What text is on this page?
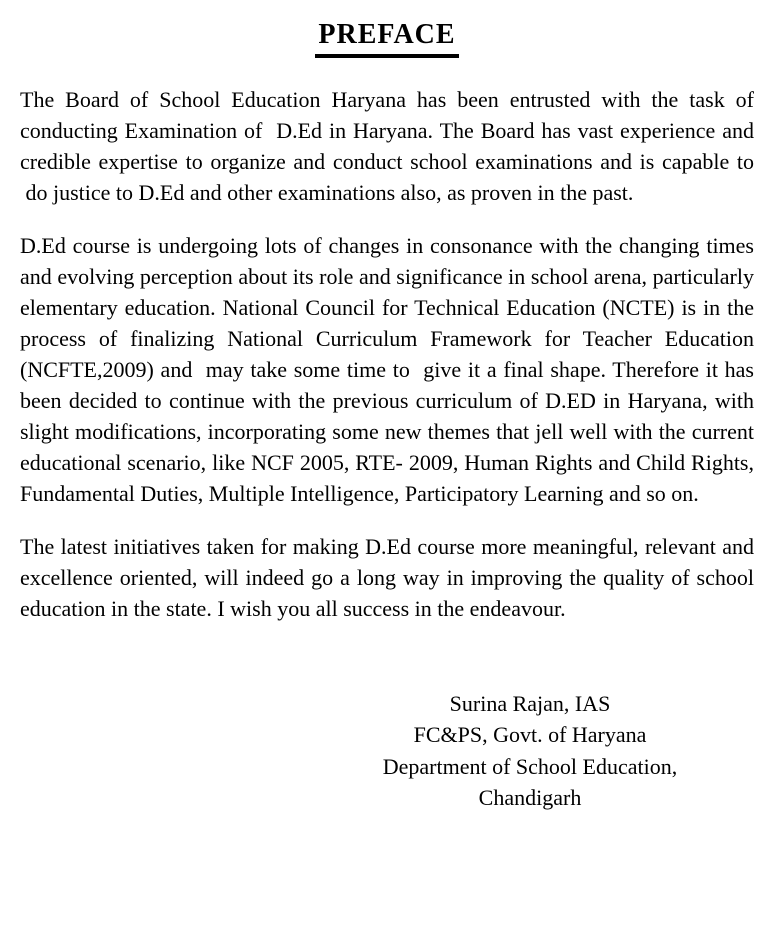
PREFACE

The Board of School Education Haryana has been entrusted with the task of conducting Examination of  D.Ed in Haryana. The Board has vast experience and credible expertise to organize and conduct school examinations and is capable to  do justice to D.Ed and other examinations also, as proven in the past.

D.Ed course is undergoing lots of changes in consonance with the changing times and evolving perception about its role and significance in school arena, particularly elementary education. National Council for Technical Education (NCTE) is in the process of finalizing National Curriculum Framework for Teacher Education (NCFTE,2009) and  may take some time to  give it a final shape. Therefore it has been decided to continue with the previous curriculum of D.ED in Haryana, with slight modifications, incorporating some new themes that jell well with the current educational scenario, like NCF 2005, RTE- 2009, Human Rights and Child Rights, Fundamental Duties, Multiple Intelligence, Participatory Learning and so on.

The latest initiatives taken for making D.Ed course more meaningful, relevant and excellence oriented, will indeed go a long way in improving the quality of school education in the state. I wish you all success in the endeavour.

Surina Rajan, IAS
FC&PS, Govt. of Haryana
Department of School Education,
Chandigarh
